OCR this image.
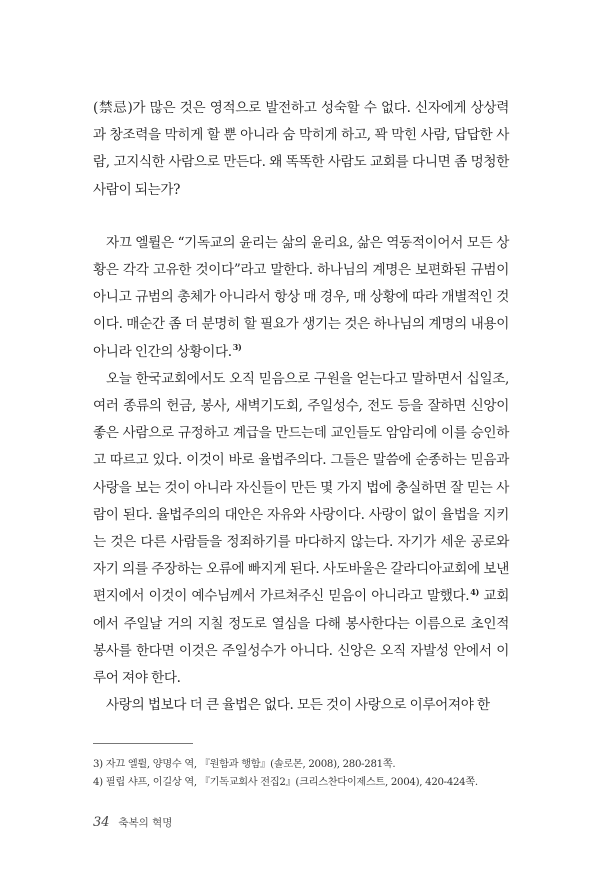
(禁忌)가 많은 것은 영적으로 발전하고 성숙할 수 없다. 신자에게 상상력과 창조력을 막히게 할 뿐 아니라 숨 막히게 하고, 꽉 막힌 사람, 답답한 사람, 고지식한 사람으로 만든다. 왜 똑똑한 사람도 교회를 다니면 좀 멍청한 사람이 되는가?

자끄 엘륄은 “기독교의 윤리는 삶의 윤리요, 삶은 역동적이어서 모든 상황은 각각 고유한 것이다”라고 말한다. 하나님의 계명은 보편화된 규범이 아니고 규범의 총체가 아니라서 항상 매 경우, 매 상황에 따라 개별적인 것이다. 매순간 좀 더 분명히 할 필요가 생기는 것은 하나님의 계명의 내용이 아니라 인간의 상황이다.$^{3)}$

오늘 한국교회에서도 오직 믿음으로 구원을 얻는다고 말하면서 십일조, 여러 종류의 헌금, 봉사, 새벽기도회, 주일성수, 전도 등을 잘하면 신앙이 좋은 사람으로 규정하고 계급을 만드는데 교인들도 암암리에 이를 승인하고 따르고 있다. 이것이 바로 율법주의다. 그들은 말씀에 순종하는 믿음과 사랑을 보는 것이 아니라 자신들이 만든 몇 가지 법에 충실하면 잘 믿는 사람이 된다. 율법주의의 대안은 자유와 사랑이다. 사랑이 없이 율법을 지키는 것은 다른 사람들을 정죄하기를 마다하지 않는다. 자기가 세운 공로와 자기 의를 주장하는 오류에 빠지게 된다. 사도바울은 갈라디아교회에 보낸 편지에서 이것이 예수님께서 가르쳐주신 믿음이 아니라고 말했다.$^{4)}$ 교회에서 주일날 거의 지칠 정도로 열심을 다해 봉사한다는 이름으로 초인적 봉사를 한다면 이것은 주일성수가 아니다. 신앙은 오직 자발성 안에서 이루어 져야 한다.

사랑의 법보다 더 큰 율법은 없다. 모든 것이 사랑으로 이루어져야 한

3) 자끄 엘륄, 양명수 역, 『원함과 행함』(솔로몬, 2008), 280-281쪽.
4) 필립 샤프, 이길상 역, 『기독교회사 전집2』(크리스찬다이제스트, 2004), 420-424쪽.
34 축복의 혁명
